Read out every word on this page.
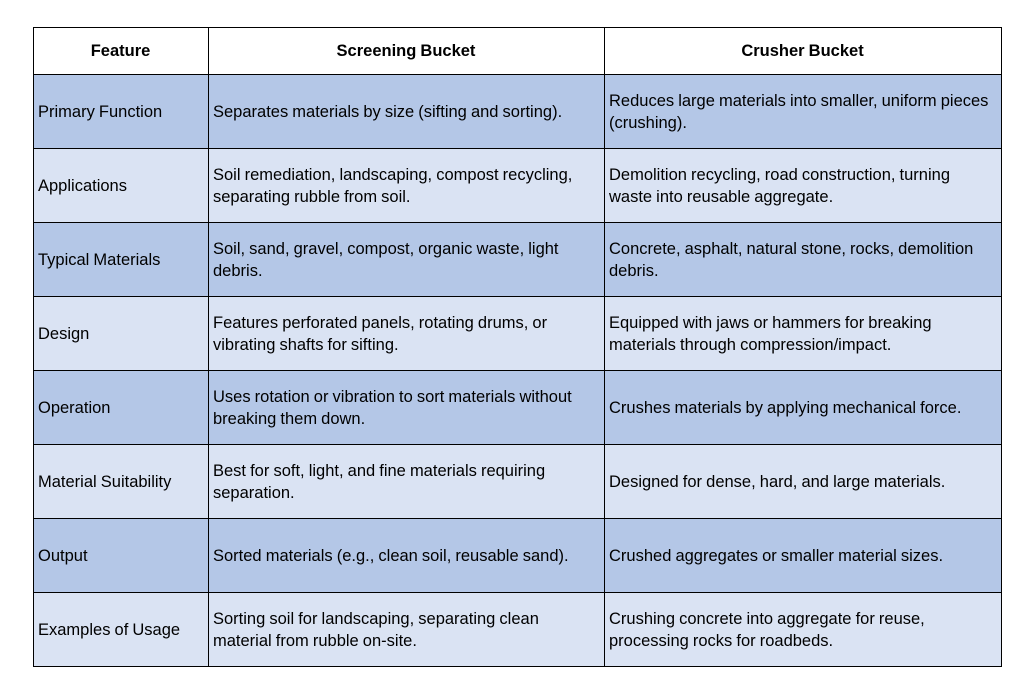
Feature	Screening Bucket	Crusher Bucket
Primary Function	Separates materials by size (sifting and sorting).	Reduces large materials into smaller, uniform pieces (crushing).
Applications	Soil remediation, landscaping, compost recycling, separating rubble from soil.	Demolition recycling, road construction, turning waste into reusable aggregate.
Typical Materials	Soil, sand, gravel, compost, organic waste, light debris.	Concrete, asphalt, natural stone, rocks, demolition debris.
Design	Features perforated panels, rotating drums, or vibrating shafts for sifting.	Equipped with jaws or hammers for breaking materials through compression/impact.
Operation	Uses rotation or vibration to sort materials without breaking them down.	Crushes materials by applying mechanical force.
Material Suitability	Best for soft, light, and fine materials requiring separation.	Designed for dense, hard, and large materials.
Output	Sorted materials (e.g., clean soil, reusable sand).	Crushed aggregates or smaller material sizes.
Examples of Usage	Sorting soil for landscaping, separating clean material from rubble on-site.	Crushing concrete into aggregate for reuse, processing rocks for roadbeds.
